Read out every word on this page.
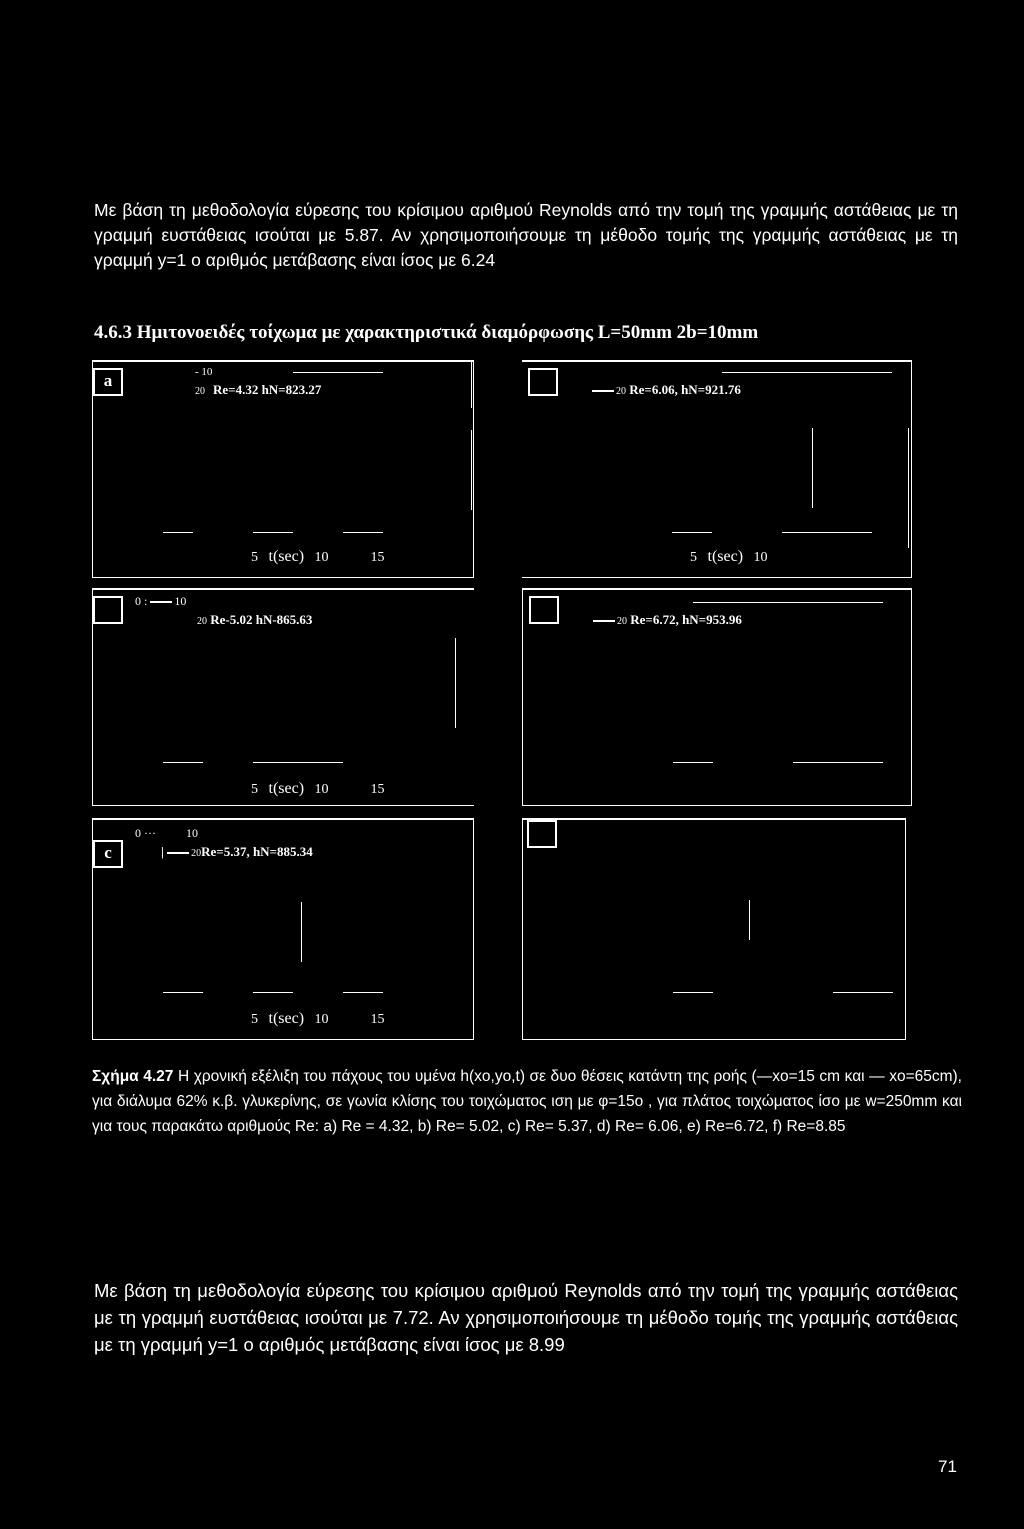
Με βάση τη μεθοδολογία εύρεσης του κρίσιμου αριθμού Reynolds από την τομή της γραμμής αστάθειας με τη γραμμή ευστάθειας ισούται με 5.87. Αν χρησιμοποιήσουμε τη μέθοδο τομής της γραμμής αστάθειας με τη γραμμή y=1 ο αριθμός μετάβασης είναι ίσος με 6.24

4.6.3 Ημιτονοειδές τοίχωμα με χαρακτηριστικά διαμόρφωσης L=50mm 2b=10mm
a	- 10
20 Re=4.32 hN=823.27
5 t(sec) 10	15
20 Re=6.06, hN=921.76
5 t(sec) 10
0 : 10
20 Re-5.02 hN-865.63
5 t(sec) 10	15
20 Re=6.72, hN=953.96
c
0 ···          10
| 20Re=5.37, hN=885.34
5 t(sec) 10	15
Σχήμα 4.27 Η χρονική εξέλιξη του πάχους του υμένα h(xo,yo,t) σε δυο θέσεις κατάντη της ροής (—xo=15 cm και — xo=65cm), για διάλυμα 62% κ.β. γλυκερίνης, σε γωνία κλίσης του τοιχώματος ιση με φ=15o , για πλάτος τοιχώματος ίσο με w=250mm και για τους παρακάτω αριθμούς Re: a) Re = 4.32, b) Re= 5.02, c) Re= 5.37, d) Re= 6.06, e) Re=6.72, f) Re=8.85

Με βάση τη μεθοδολογία εύρεσης του κρίσιμου αριθμού Reynolds από την τομή της γραμμής αστάθειας με τη γραμμή ευστάθειας ισούται με 7.72. Αν χρησιμοποιήσουμε τη μέθοδο τομής της γραμμής αστάθειας με τη γραμμή y=1 ο αριθμός μετάβασης είναι ίσος με 8.99

71
